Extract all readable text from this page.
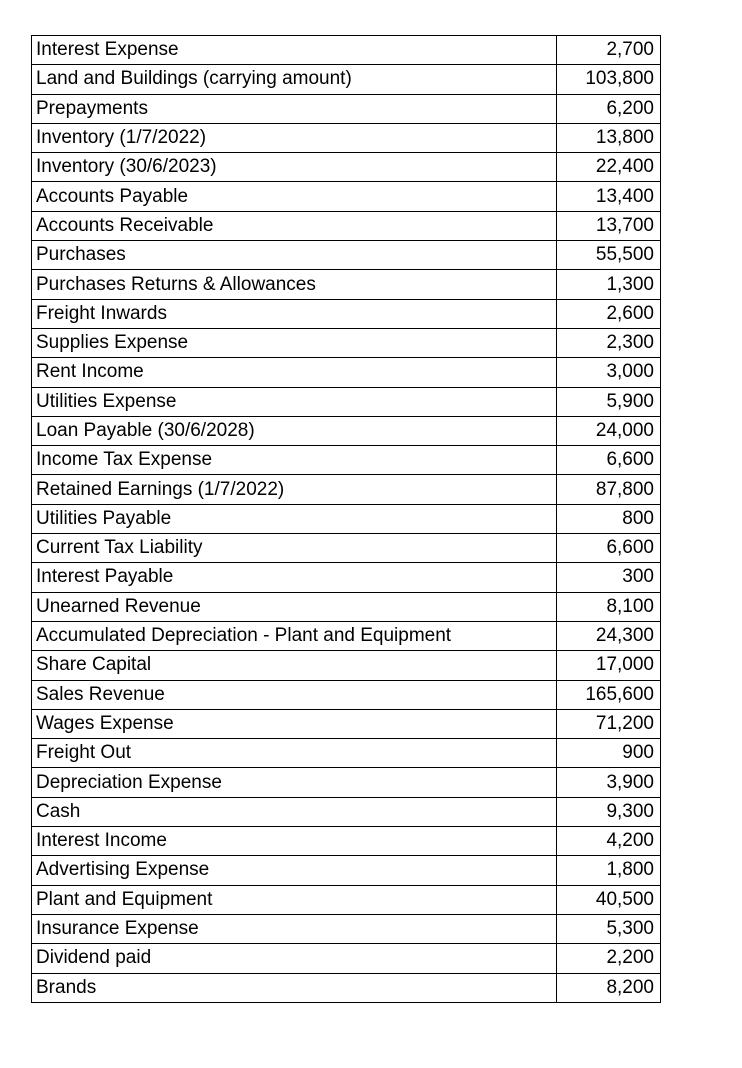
Interest Expense	2,700
Land and Buildings (carrying amount)	103,800
Prepayments	6,200
Inventory (1/7/2022)	13,800
Inventory (30/6/2023)	22,400
Accounts Payable	13,400
Accounts Receivable	13,700
Purchases	55,500
Purchases Returns & Allowances	1,300
Freight Inwards	2,600
Supplies Expense	2,300
Rent Income	3,000
Utilities Expense	5,900
Loan Payable (30/6/2028)	24,000
Income Tax Expense	6,600
Retained Earnings (1/7/2022)	87,800
Utilities Payable	800
Current Tax Liability	6,600
Interest Payable	300
Unearned Revenue	8,100
Accumulated Depreciation - Plant and Equipment	24,300
Share Capital	17,000
Sales Revenue	165,600
Wages Expense	71,200
Freight Out	900
Depreciation Expense	3,900
Cash	9,300
Interest Income	4,200
Advertising Expense	1,800
Plant and Equipment	40,500
Insurance Expense	5,300
Dividend paid	2,200
Brands	8,200
